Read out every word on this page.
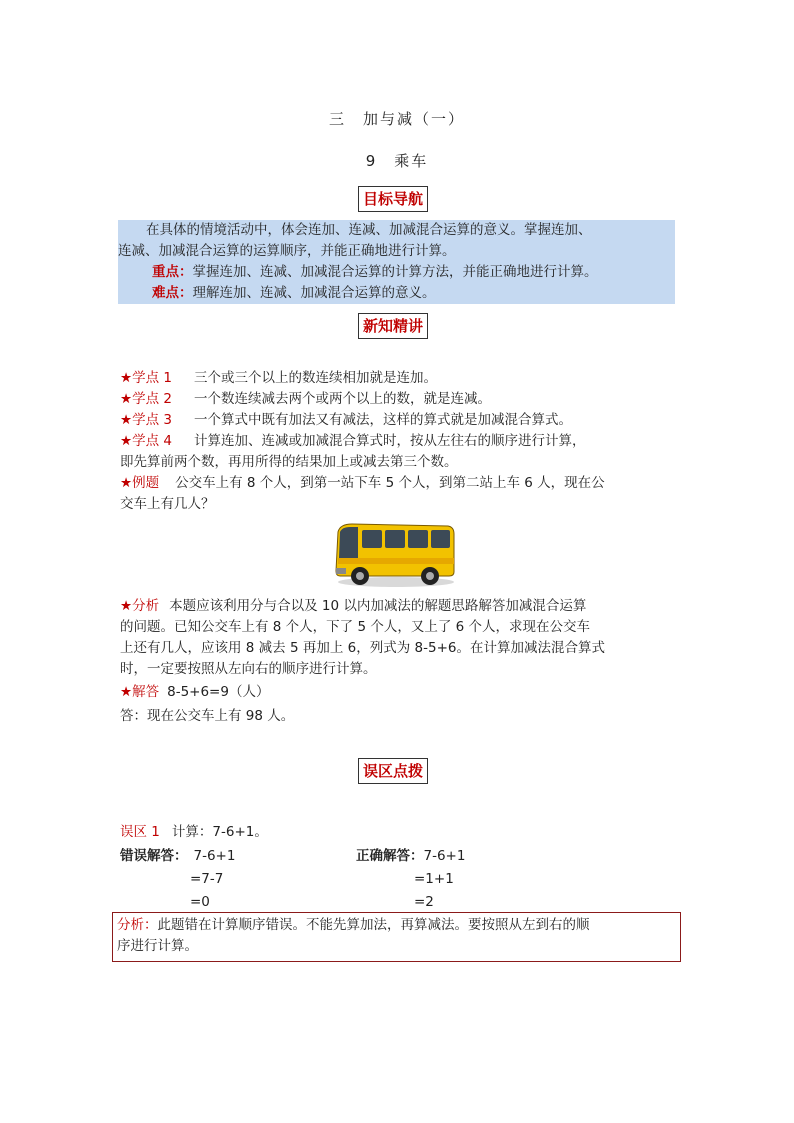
三　加与减（一）
9　乘车
目标导航

在具体的情境活动中，体会连加、连减、加减混合运算的意义。掌握连加、

连减、加减混合运算的运算顺序，并能正确地进行计算。

重点：掌握连加、连减、加减混合运算的计算方法，并能正确地进行计算。

难点：理解连加、连减、加减混合运算的意义。

新知精讲
★学点 1 三个或三个以上的数连续相加就是连加。
★学点 2 一个数连续减去两个或两个以上的数，就是连减。
★学点 3 一个算式中既有加法又有减法，这样的算式就是加减混合算式。
★学点 4 计算连加、连减或加减混合算式时，按从左往右的顺序进行计算，
即先算前两个数，再用所得的结果加上或减去第三个数。
★例题 公交车上有 8 个人，到第一站下车 5 个人，到第二站上车 6 人，现在公
交车上有几人？
★分析 本题应该利用分与合以及 10 以内加减法的解题思路解答加减混合运算
的问题。已知公交车上有 8 个人，下了 5 个人，又上了 6 个人，求现在公交车
上还有几人，应该用 8 减去 5 再加上 6，列式为 8-5+6。在计算加减法混合算式
时，一定要按照从左向右的顺序进行计算。
★解答 8-5+6=9（人）
答：现在公交车上有 98 人。
误区点拨
误区 1 计算：7-6+1。
错误解答： 7-6+1
=7-7
=0
正确解答：7-6+1
=1+1
=2
分析：此题错在计算顺序错误。不能先算加法，再算减法。要按照从左到右的顺
序进行计算。
